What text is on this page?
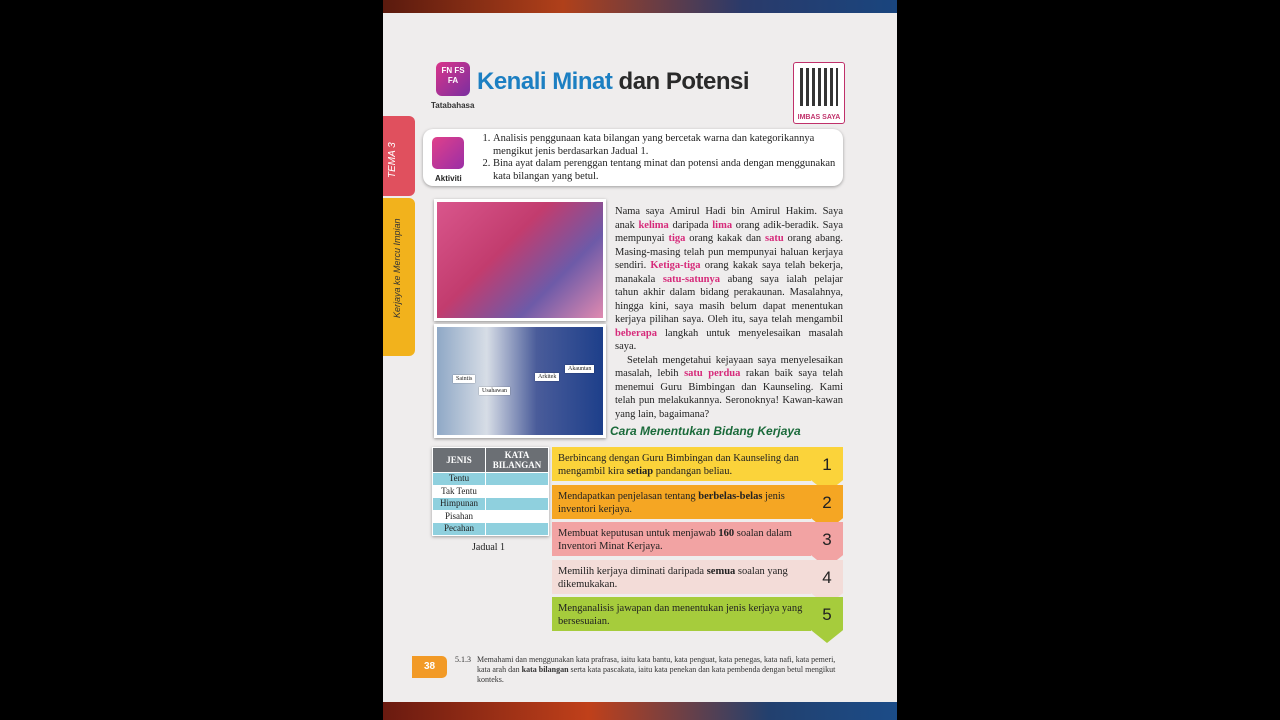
FN FS FA
Tatabahasa
Kenali Minat dan Potensi
IMBAS SAYA
TEMA 3
Kerjaya ke Mercu Impian
Aktiviti
1. Analisis penggunaan kata bilangan yang bercetak warna dan kategorikannya mengikut jenis berdasarkan Jadual 1.
2. Bina ayat dalam perenggan tentang minat dan potensi anda dengan menggunakan kata bilangan yang betul.
Saintis
Usahawan
Arkitek
Akauntan

Nama saya Amirul Hadi bin Amirul Hakim. Saya anak kelima daripada lima orang adik-beradik. Saya mempunyai tiga orang kakak dan satu orang abang. Masing-masing telah pun mempunyai haluan kerjaya sendiri. Ketiga-tiga orang kakak saya telah bekerja, manakala satu-satunya abang saya ialah pelajar tahun akhir dalam bidang perakaunan. Masalahnya, hingga kini, saya masih belum dapat menentukan kerjaya pilihan saya. Oleh itu, saya telah mengambil beberapa langkah untuk menyelesaikan masalah saya.

Setelah mengetahui kejayaan saya menyelesaikan masalah, lebih satu perdua rakan baik saya telah menemui Guru Bimbingan dan Kaunseling. Kami telah pun melakukannya. Seronoknya! Kawan-kawan yang lain, bagaimana?

Cara Menentukan Bidang Kerjaya
Berbincang dengan Guru Bimbingan dan Kaunseling dan mengambil kira setiap pandangan beliau.	1
Mendapatkan penjelasan tentang berbelas-belas jenis inventori kerjaya.	2
Membuat keputusan untuk menjawab 160 soalan dalam Inventori Minat Kerjaya.	3
Memilih kerjaya diminati daripada semua soalan yang dikemukakan.	4
Menganalisis jawapan dan menentukan jenis kerjaya yang bersesuaian.	5
JENIS	KATA BILANGAN
Tentu	
Tak Tentu	
Himpunan	
Pisahan	
Pecahan	
Jadual 1
38
5.1.3 Memahami dan menggunakan kata prafrasa, iaitu kata bantu, kata penguat, kata penegas, kata nafi, kata pemeri, kata arah dan kata bilangan serta kata pascakata, iaitu kata penekan dan kata pembenda dengan betul mengikut konteks.
